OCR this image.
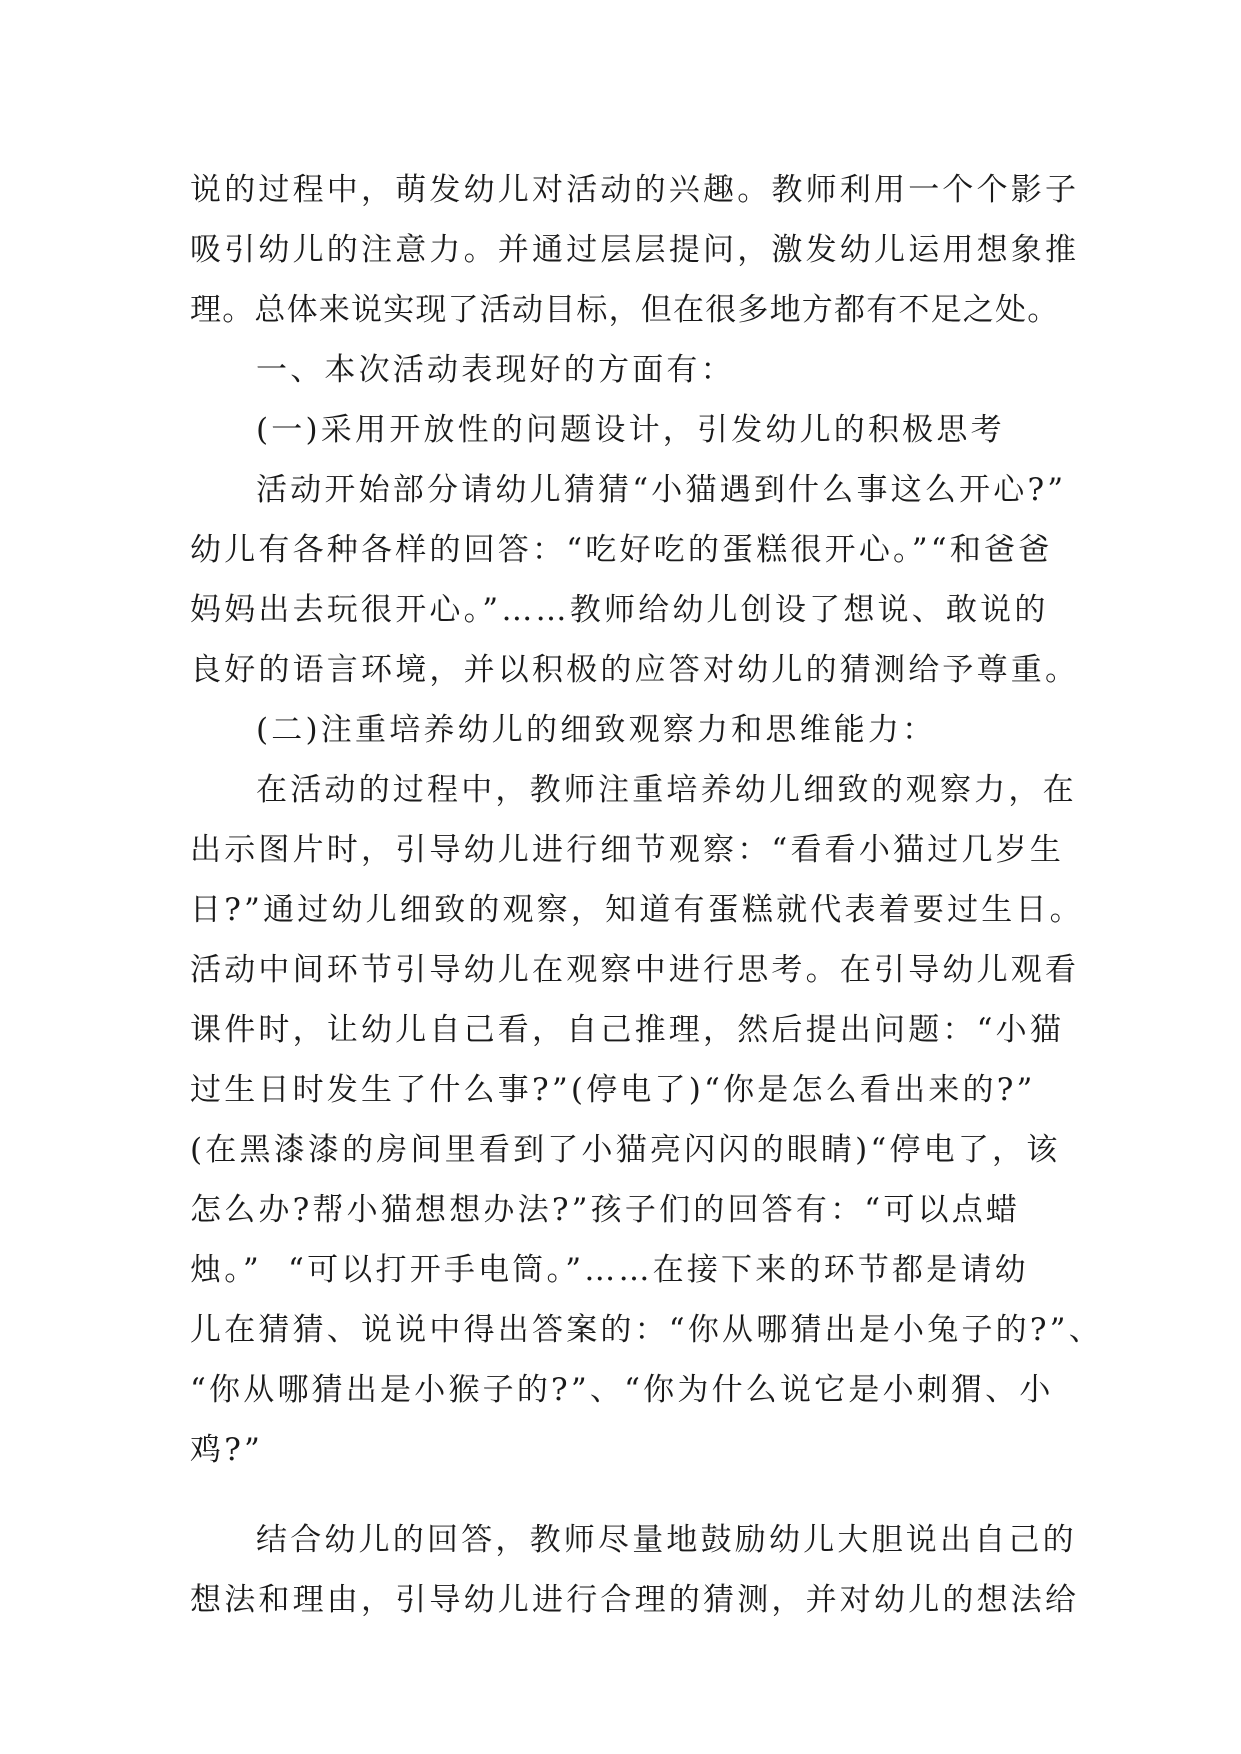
说的过程中，萌发幼儿对活动的兴趣。教师利用一个个影子
吸引幼儿的注意力。并通过层层提问，激发幼儿运用想象推
理。总体来说实现了活动目标，但在很多地方都有不足之处。
一、本次活动表现好的方面有：
(一)采用开放性的问题设计，引发幼儿的积极思考
活动开始部分请幼儿猜猜“小猫遇到什么事这么开心?”
幼儿有各种各样的回答：“吃好吃的蛋糕很开心。”“和爸爸
妈妈出去玩很开心。”……教师给幼儿创设了想说、敢说的
良好的语言环境，并以积极的应答对幼儿的猜测给予尊重。
(二)注重培养幼儿的细致观察力和思维能力：
在活动的过程中，教师注重培养幼儿细致的观察力，在
出示图片时，引导幼儿进行细节观察：“看看小猫过几岁生
日?”通过幼儿细致的观察，知道有蛋糕就代表着要过生日。
活动中间环节引导幼儿在观察中进行思考。在引导幼儿观看
课件时，让幼儿自己看，自己推理，然后提出问题：“小猫
过生日时发生了什么事?”(停电了)“你是怎么看出来的?”
(在黑漆漆的房间里看到了小猫亮闪闪的眼睛)“停电了，该
怎么办?帮小猫想想办法?”孩子们的回答有：“可以点蜡
烛。”  “可以打开手电筒。”……在接下来的环节都是请幼
儿在猜猜、说说中得出答案的：“你从哪猜出是小兔子的?”、
“你从哪猜出是小猴子的?”、“你为什么说它是小刺猬、小
鸡?”
结合幼儿的回答，教师尽量地鼓励幼儿大胆说出自己的
想法和理由，引导幼儿进行合理的猜测，并对幼儿的想法给
